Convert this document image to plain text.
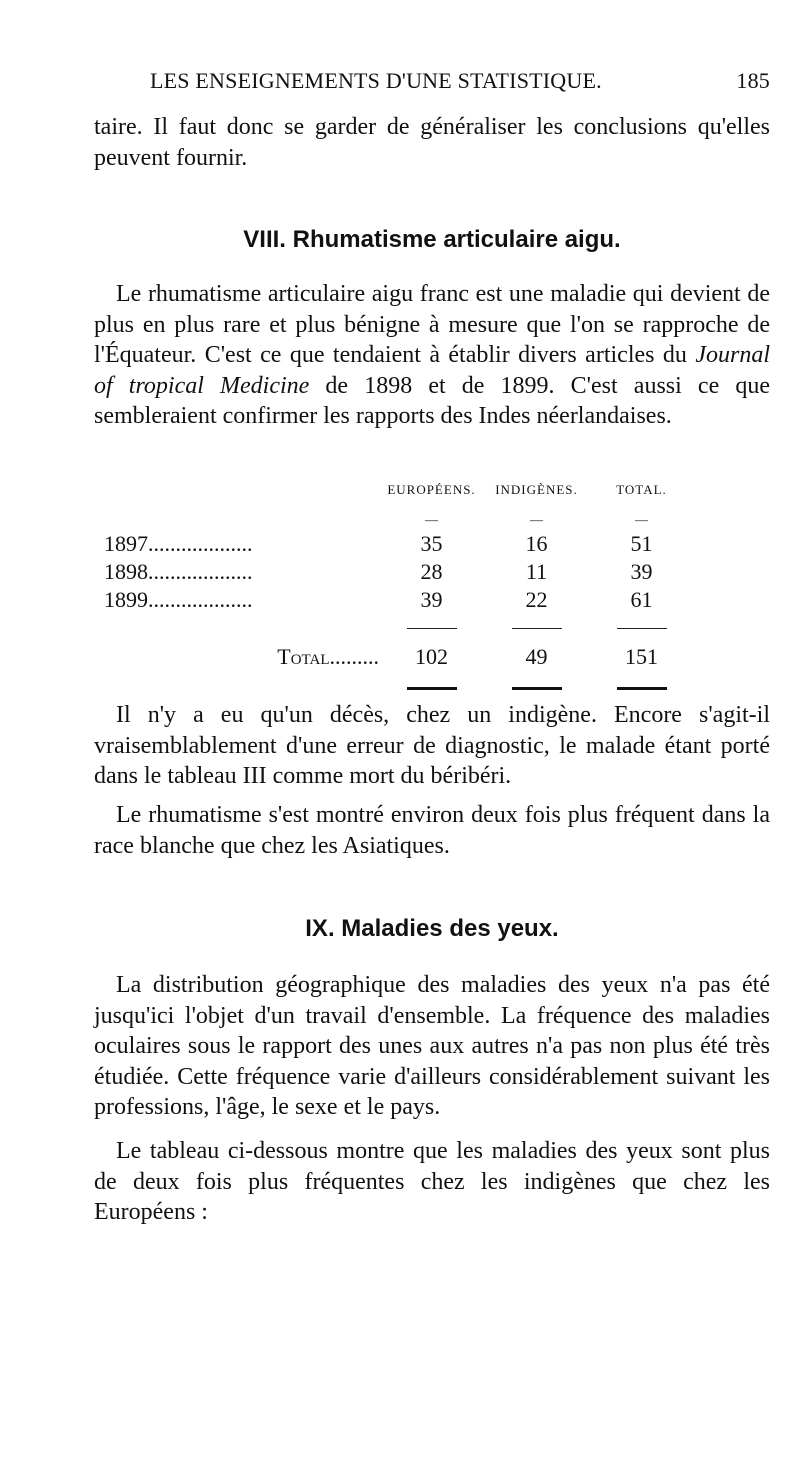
LES ENSEIGNEMENTS D'UNE STATISTIQUE.	185

taire. Il faut donc se garder de généraliser les conclusions qu'elles peuvent fournir.

VIII. Rhumatisme articulaire aigu.

Le rhumatisme articulaire aigu franc est une maladie qui devient de plus en plus rare et plus bénigne à mesure que l'on se rapproche de l'Équateur. C'est ce que tendaient à établir divers articles du Journal of tropical Medicine de 1898 et de 1899. C'est aussi ce que sembleraient confirmer les rapports des Indes néerlandaises.

	EUROPÉENS.	INDIGÈNES.	TOTAL.
	—	—	—
1897...................	35	16	51
1898...................	28	11	39
1899...................	39	22	61

Total.........	102	49	151

Il n'y a eu qu'un décès, chez un indigène. Encore s'agit-il vraisemblablement d'une erreur de diagnostic, le malade étant porté dans le tableau III comme mort du béribéri.

Le rhumatisme s'est montré environ deux fois plus fréquent dans la race blanche que chez les Asiatiques.

IX. Maladies des yeux.

La distribution géographique des maladies des yeux n'a pas été jusqu'ici l'objet d'un travail d'ensemble. La fréquence des maladies oculaires sous le rapport des unes aux autres n'a pas non plus été très étudiée. Cette fréquence varie d'ailleurs considérablement suivant les professions, l'âge, le sexe et le pays.

Le tableau ci-dessous montre que les maladies des yeux sont plus de deux fois plus fréquentes chez les indigènes que chez les Européens :
